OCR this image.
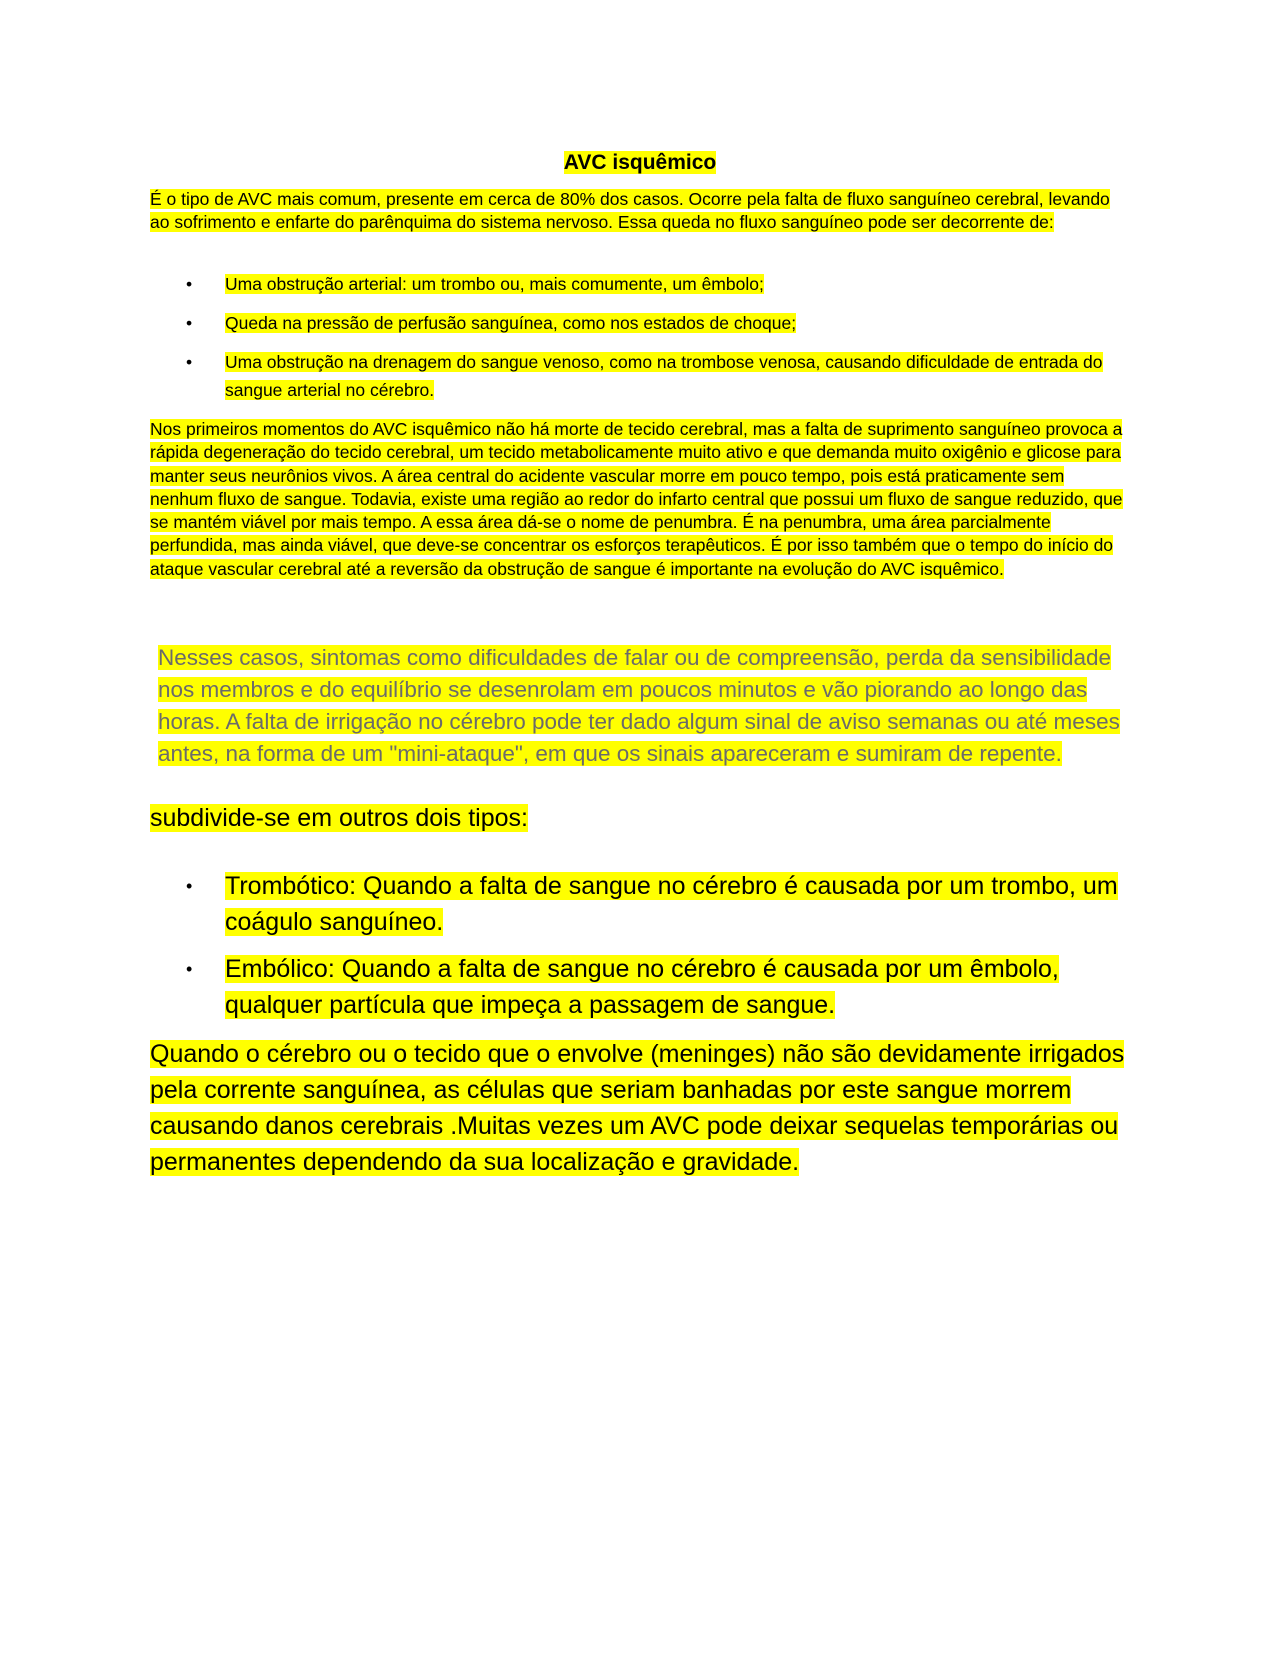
AVC isquêmico

É o tipo de AVC mais comum, presente em cerca de 80% dos casos. Ocorre pela falta de fluxo sanguíneo cerebral, levando ao sofrimento e enfarte do parênquima do sistema nervoso. Essa queda no fluxo sanguíneo pode ser decorrente de:

• Uma obstrução arterial: um trombo ou, mais comumente, um êmbolo;
• Queda na pressão de perfusão sanguínea, como nos estados de choque;
• Uma obstrução na drenagem do sangue venoso, como na trombose venosa, causando dificuldade de entrada do sangue arterial no cérebro.

Nos primeiros momentos do AVC isquêmico não há morte de tecido cerebral, mas a falta de suprimento sanguíneo provoca a rápida degeneração do tecido cerebral, um tecido metabolicamente muito ativo e que demanda muito oxigênio e glicose para manter seus neurônios vivos. A área central do acidente vascular morre em pouco tempo, pois está praticamente sem nenhum fluxo de sangue. Todavia, existe uma região ao redor do infarto central que possui um fluxo de sangue reduzido, que se mantém viável por mais tempo. A essa área dá-se o nome de penumbra. É na penumbra, uma área parcialmente perfundida, mas ainda viável, que deve-se concentrar os esforços terapêuticos. É por isso também que o tempo do início do ataque vascular cerebral até a reversão da obstrução de sangue é importante na evolução do AVC isquêmico.

Nesses casos, sintomas como dificuldades de falar ou de compreensão, perda da sensibilidade nos membros e do equilíbrio se desenrolam em poucos minutos e vão piorando ao longo das horas. A falta de irrigação no cérebro pode ter dado algum sinal de aviso semanas ou até meses antes, na forma de um "mini-ataque", em que os sinais apareceram e sumiram de repente.

subdivide-se em outros dois tipos:

• Trombótico: Quando a falta de sangue no cérebro é causada por um trombo, um coágulo sanguíneo.
• Embólico: Quando a falta de sangue no cérebro é causada por um êmbolo, qualquer partícula que impeça a passagem de sangue.

Quando o cérebro ou o tecido que o envolve (meninges) não são devidamente irrigados pela corrente sanguínea, as células que seriam banhadas por este sangue morrem causando danos cerebrais .Muitas vezes um AVC pode deixar sequelas temporárias ou permanentes dependendo da sua localização e gravidade.
